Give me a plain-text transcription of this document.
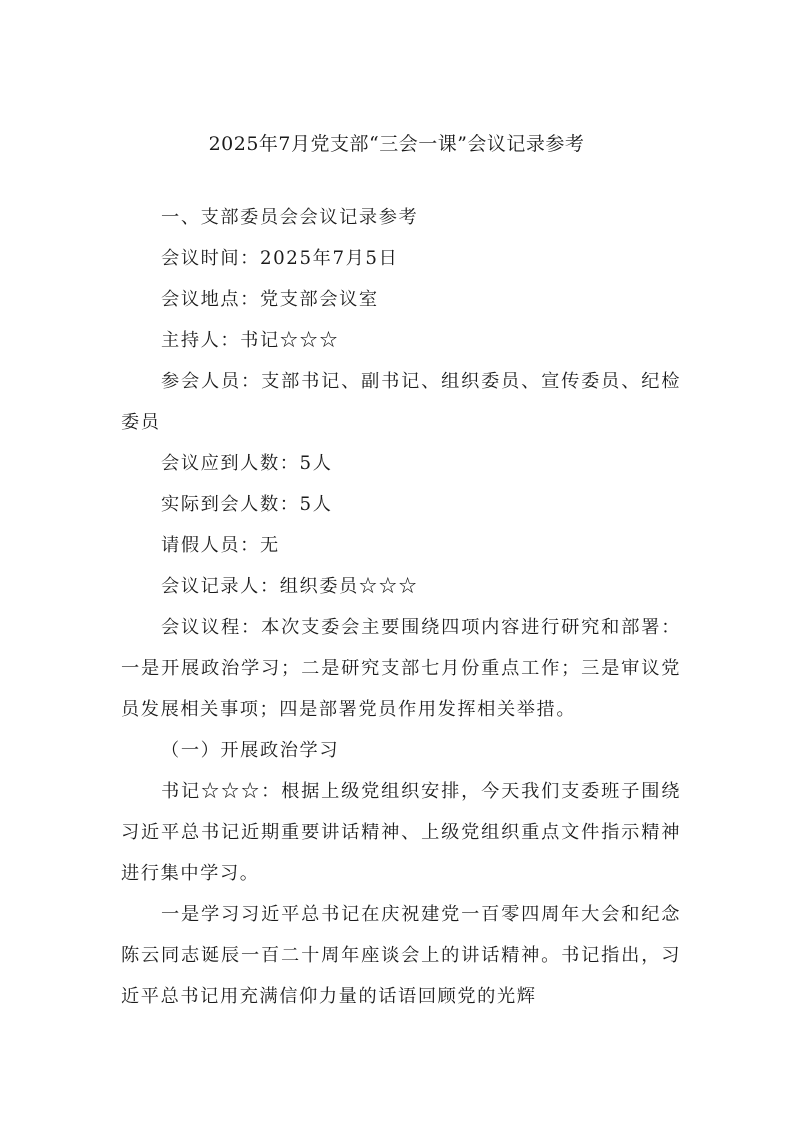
2025年7月党支部“三会一课”会议记录参考

一、支部委员会会议记录参考

会议时间：2025年7月5日

会议地点：党支部会议室

主持人：书记☆☆☆

参会人员：支部书记、副书记、组织委员、宣传委员、纪检委员

会议应到人数：5人

实际到会人数：5人

请假人员：无

会议记录人：组织委员☆☆☆

会议议程：本次支委会主要围绕四项内容进行研究和部署：一是开展政治学习；二是研究支部七月份重点工作；三是审议党员发展相关事项；四是部署党员作用发挥相关举措。

（一）开展政治学习

书记☆☆☆：根据上级党组织安排，今天我们支委班子围绕习近平总书记近期重要讲话精神、上级党组织重点文件指示精神进行集中学习。

一是学习习近平总书记在庆祝建党一百零四周年大会和纪念陈云同志诞辰一百二十周年座谈会上的讲话精神。书记指出，习近平总书记用充满信仰力量的话语回顾党的光辉
